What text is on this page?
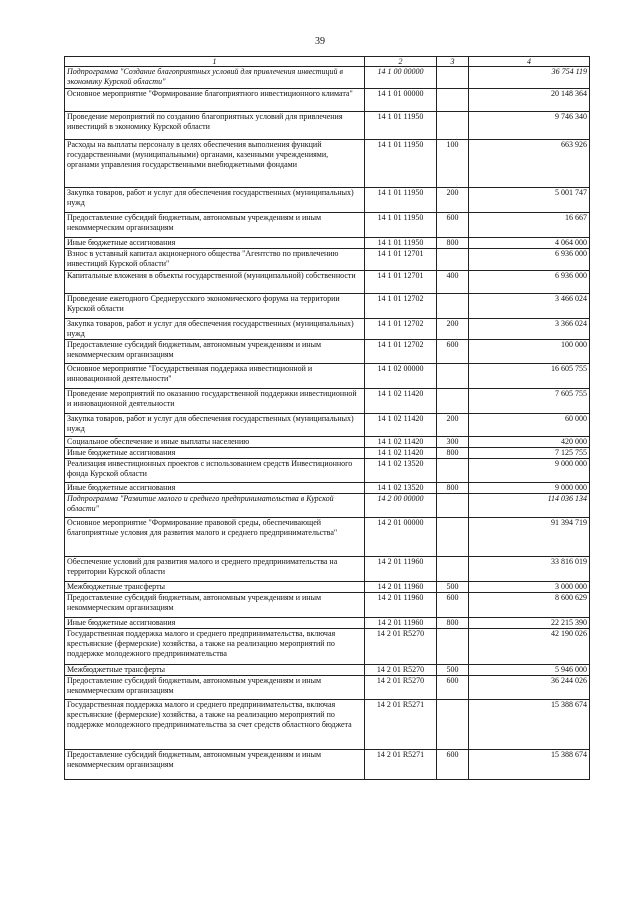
39
1	2	3	4
Подпрограмма "Создание благоприятных условий для привлечения инвестиций в экономику Курской области"	14 1 00 00000		36 754 119
Основное мероприятие "Формирование благоприятного инвестиционного климата"	14 1 01 00000		20 148 364
Проведение мероприятий по созданию благоприятных условий для привлечения инвестиций в экономику Курской области	14 1 01 11950		9 746 340
Расходы на выплаты персоналу в целях обеспечения выполнения функций государственными (муниципальными) органами, казенными учреждениями, органами управления государственными внебюджетными фондами	14 1 01 11950	100	663 926
Закупка товаров, работ и услуг для обеспечения государственных (муниципальных) нужд	14 1 01 11950	200	5 001 747
Предоставление субсидий бюджетным, автономным учреждениям и иным некоммерческим организациям	14 1 01 11950	600	16 667
Иные бюджетные ассигнования	14 1 01 11950	800	4 064 000
Взнос в уставный капитал акционерного общества "Агентство по привлечению инвестиций Курской области"	14 1 01 12701		6 936 000
Капитальные вложения в объекты государственной (муниципальной) собственности	14 1 01 12701	400	6 936 000
Проведение ежегодного Среднерусского экономического форума на территории Курской области	14 1 01 12702		3 466 024
Закупка товаров, работ и услуг для обеспечения государственных (муниципальных) нужд	14 1 01 12702	200	3 366 024
Предоставление субсидий бюджетным, автономным учреждениям и иным некоммерческим организациям	14 1 01 12702	600	100 000
Основное мероприятие "Государственная поддержка инвестиционной и инновационной деятельности"	14 1 02 00000		16 605 755
Проведение мероприятий по оказанию государственной поддержки инвестиционной и инновационной деятельности	14 1 02 11420		7 605 755
Закупка товаров, работ и услуг для обеспечения государственных (муниципальных) нужд	14 1 02 11420	200	60 000
Социальное обеспечение и иные выплаты населению	14 1 02 11420	300	420 000
Иные бюджетные ассигнования	14 1 02 11420	800	7 125 755
Реализация инвестиционных проектов с использованием средств Инвестиционного фонда Курской области	14 1 02 13520		9 000 000
Иные бюджетные ассигнования	14 1 02 13520	800	9 000 000
Подпрограмма "Развитие малого и среднего предпринимательства в Курской области"	14 2 00 00000		114 036 134
Основное мероприятие "Формирование правовой среды, обеспечивающей благоприятные условия для развития малого и среднего предпринимательства"	14 2 01 00000		91 394 719
Обеспечение условий для развития малого и среднего предпринимательства на территории Курской области	14 2 01 11960		33 816 019
Межбюджетные трансферты	14 2 01 11960	500	3 000 000
Предоставление субсидий бюджетным, автономным учреждениям и иным некоммерческим организациям	14 2 01 11960	600	8 600 629
Иные бюджетные ассигнования	14 2 01 11960	800	22 215 390
Государственная поддержка малого и среднего предпринимательства, включая крестьянские (фермерские) хозяйства, а также на реализацию мероприятий по поддержке молодежного предпринимательства	14 2 01 R5270		42 190 026
Межбюджетные трансферты	14 2 01 R5270	500	5 946 000
Предоставление субсидий бюджетным, автономным учреждениям и иным некоммерческим организациям	14 2 01 R5270	600	36 244 026
Государственная поддержка малого и среднего предпринимательства, включая крестьянские (фермерские) хозяйства, а также на реализацию мероприятий по поддержке молодежного предпринимательства за счет средств областного бюджета	14 2 01 R5271		15 388 674
Предоставление субсидий бюджетным, автономным учреждениям и иным некоммерческим организациям	14 2 01 R5271	600	15 388 674
